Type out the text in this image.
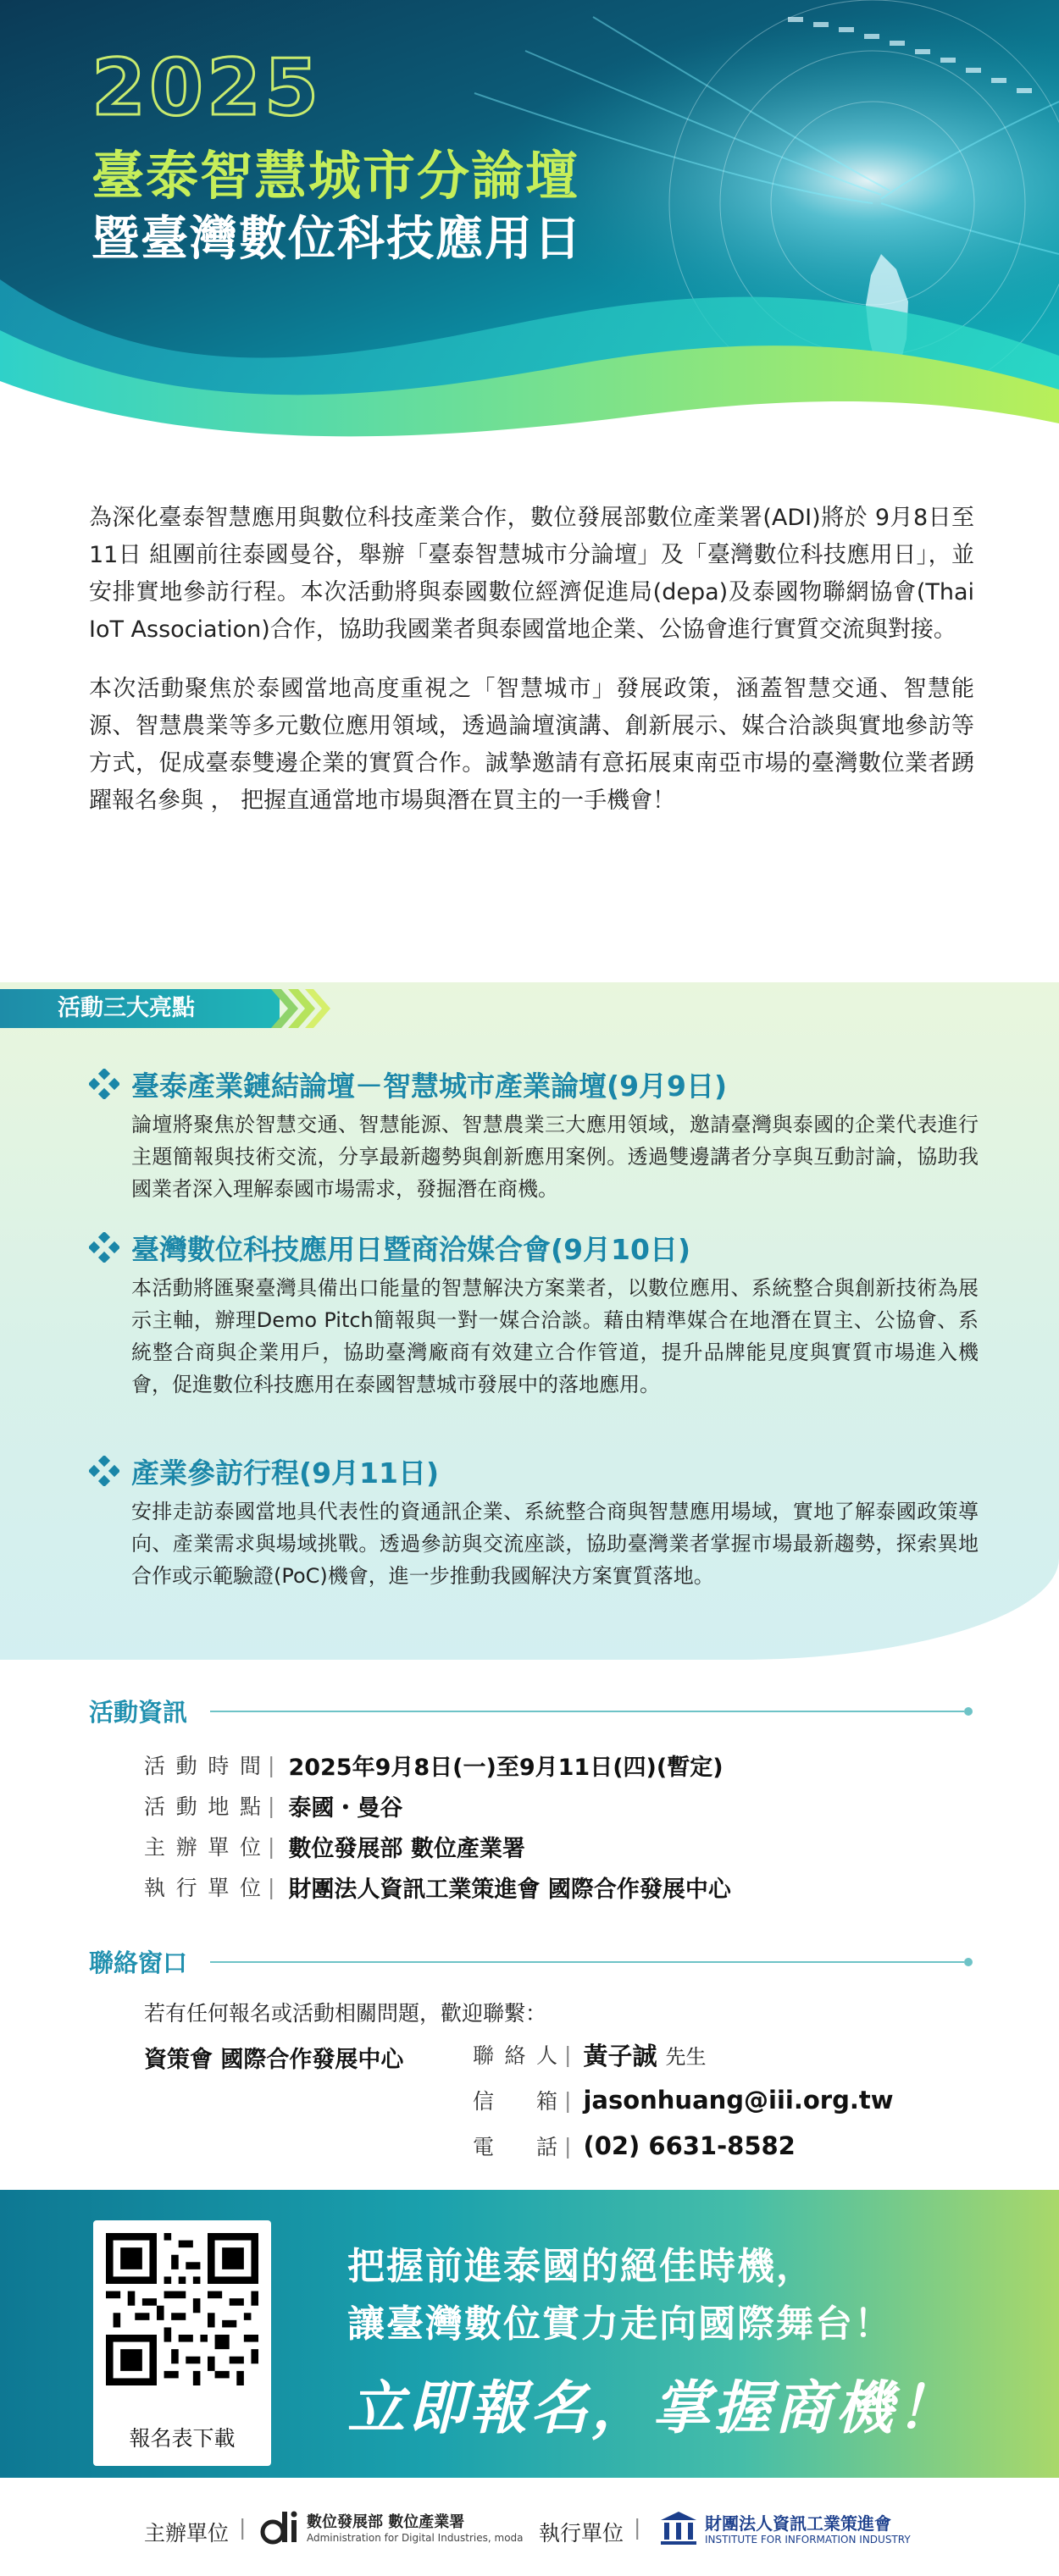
2025
臺泰智慧城市分論壇
暨臺灣數位科技應用日

為深化臺泰智慧應用與數位科技產業合作，數位發展部數位產業署(ADI)將於 9月8日至11日 組團前往泰國曼谷，舉辦「臺泰智慧城市分論壇」及「臺灣數位科技應用日」，並安排實地參訪行程。本次活動將與泰國數位經濟促進局(depa)及泰國物聯網協會(Thai IoT Association)合作，協助我國業者與泰國當地企業、公協會進行實質交流與對接。

本次活動聚焦於泰國當地高度重視之「智慧城市」發展政策，涵蓋智慧交通、智慧能源、智慧農業等多元數位應用領域，透過論壇演講、創新展示、媒合洽談與實地參訪等方式，促成臺泰雙邊企業的實質合作。誠摯邀請有意拓展東南亞市場的臺灣數位業者踴躍報名參與 ， 把握直通當地市場與潛在買主的一手機會！

活動三大亮點
臺泰產業鏈結論壇－智慧城市產業論壇(9月9日)
論壇將聚焦於智慧交通、智慧能源、智慧農業三大應用領域，邀請臺灣與泰國的企業代表進行主題簡報與技術交流，分享最新趨勢與創新應用案例。透過雙邊講者分享與互動討論，協助我國業者深入理解泰國市場需求，發掘潛在商機。
臺灣數位科技應用日暨商洽媒合會(9月10日)
本活動將匯聚臺灣具備出口能量的智慧解決方案業者，以數位應用、系統整合與創新技術為展示主軸，辦理Demo Pitch簡報與一對一媒合洽談。藉由精準媒合在地潛在買主、公協會、系統整合商與企業用戶，協助臺灣廠商有效建立合作管道，提升品牌能見度與實質市場進入機會，促進數位科技應用在泰國智慧城市發展中的落地應用。
產業參訪行程(9月11日)
安排走訪泰國當地具代表性的資通訊企業、系統整合商與智慧應用場域，實地了解泰國政策導向、產業需求與場域挑戰。透過參訪與交流座談，協助臺灣業者掌握市場最新趨勢，探索異地合作或示範驗證(PoC)機會，進一步推動我國解決方案實質落地。
活動資訊
活動時間 | 2025年9月8日(一)至9月11日(四)(暫定)
活動地點 | 泰國・曼谷
主辦單位 | 數位發展部 數位產業署
執行單位 | 財團法人資訊工業策進會 國際合作發展中心
聯絡窗口
若有任何報名或活動相關問題，歡迎聯繫：
資策會 國際合作發展中心	聯絡人 | 黃子誠 先生
信　箱 | jasonhuang@iii.org.tw
電　話 | (02) 6631-8582
報名表下載
把握前進泰國的絕佳時機，
讓臺灣數位實力走向國際舞台！
立即報名，掌握商機！
主辦單位 |	數位發展部 數位產業署
Administration for Digital Industries, moda 執行單位 |	財團法人資訊工業策進會
INSTITUTE FOR INFORMATION INDUSTRY
